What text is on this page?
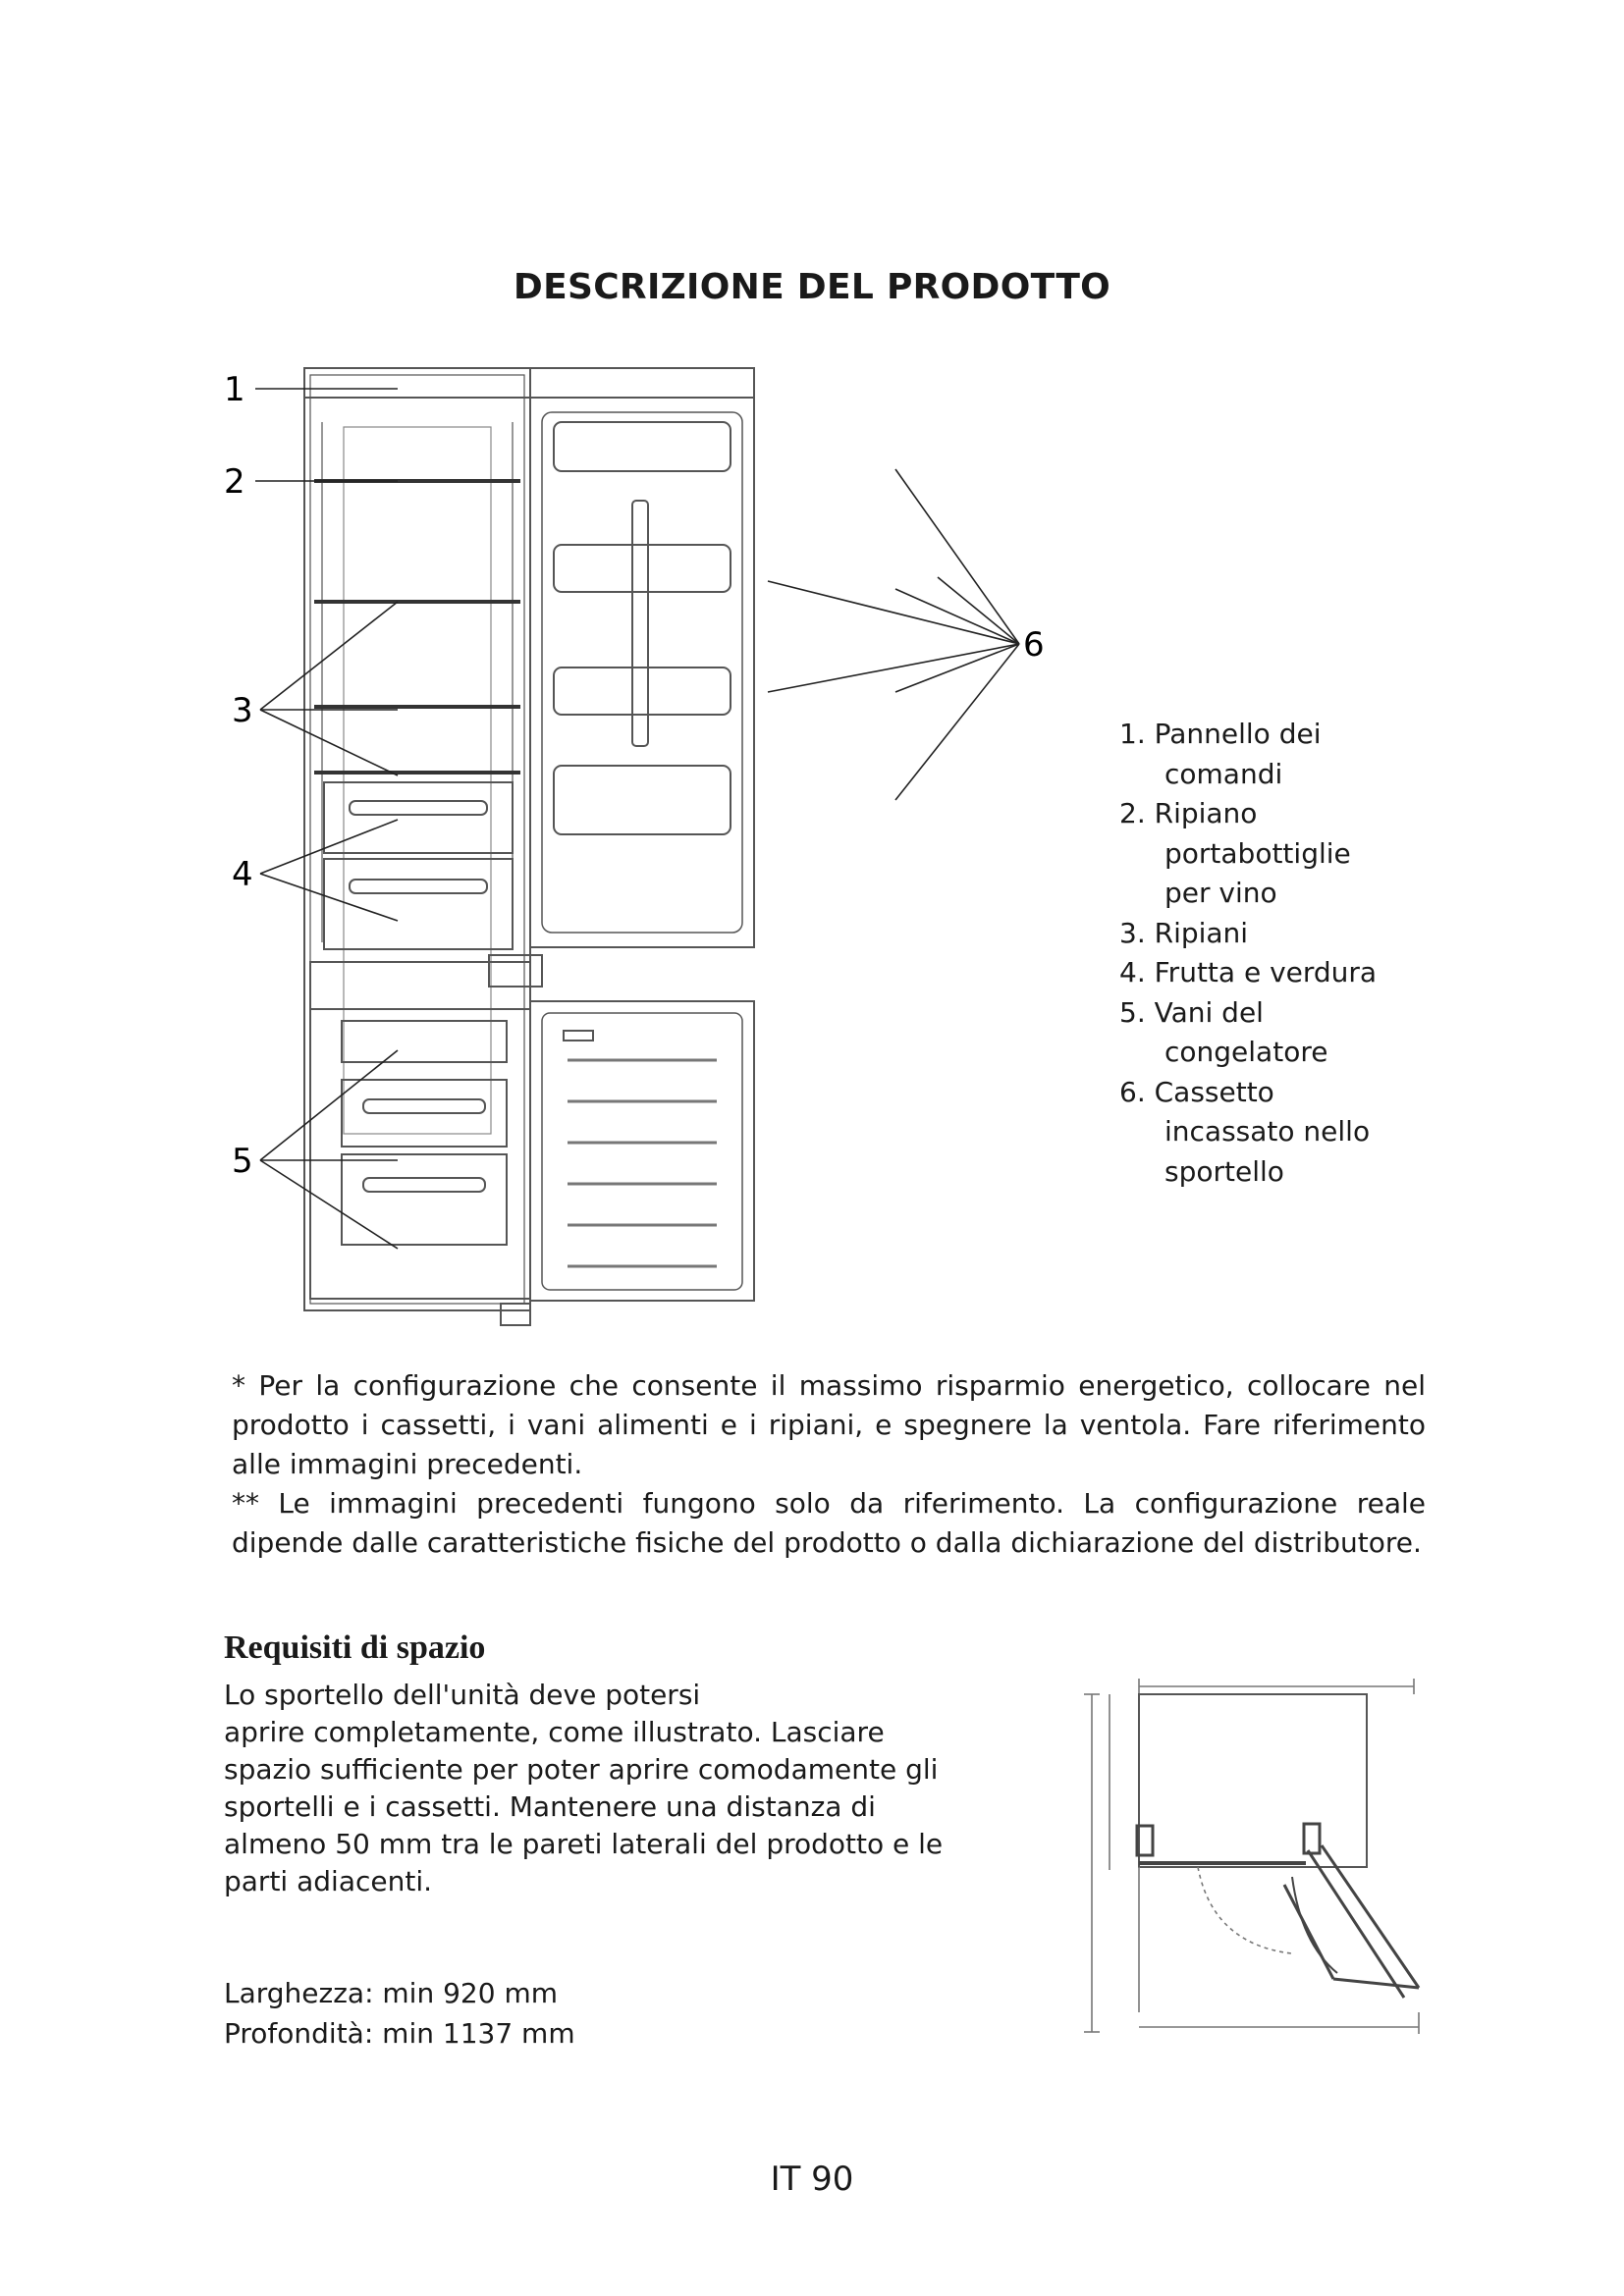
DESCRIZIONE DEL PRODOTTO
1
2
3
4
5
6
1. Pannello dei
comandi
2. Ripiano
portabottiglie
per vino
3. Ripiani
4. Frutta e verdura
5. Vani del
congelatore
6. Cassetto
incassato nello
sportello

* Per la configurazione che consente il massimo risparmio energetico, collocare nel prodotto i cassetti, i vani alimenti e i ripiani, e spegnere la ventola. Fare riferimento alle immagini precedenti.

** Le immagini precedenti fungono solo da riferimento. La configurazione reale dipende dalle caratteristiche fisiche del prodotto o dalla dichiarazione del distributore.

Requisiti di spazio

Lo sportello dell'unità deve potersi

aprire completamente, come illustrato. Lasciare

spazio sufficiente per poter aprire comodamente gli

sportelli e i cassetti. Mantenere una distanza di

almeno 50 mm tra le pareti laterali del prodotto e le

parti adiacenti.

Larghezza: min 920 mm

Profondità: min 1137 mm

IT 90
